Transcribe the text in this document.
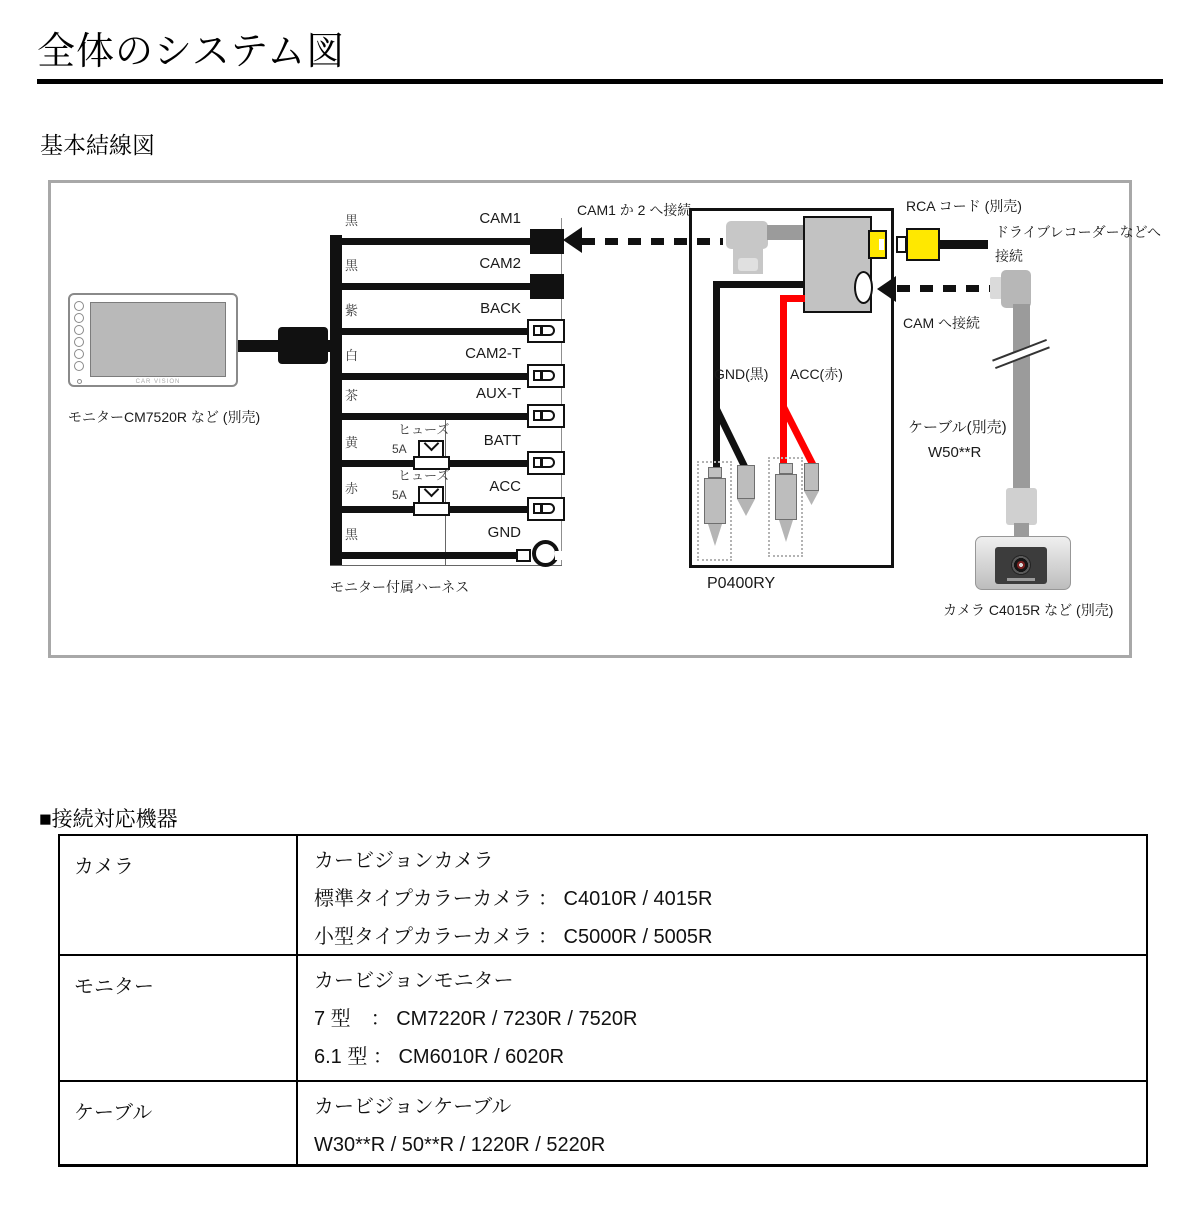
全体のシステム図
基本結線図
CAR VISION
モニターCM7520R など (別売)
黒
黒
紫
白
茶
黄
赤
黒
CAM1
CAM2
BACK
CAM2-T
AUX-T
BATT
ACC
GND
ヒューズ
5A
ヒューズ
5A
モニター付属ハーネス
CAM1 か 2 へ接続
GND(黒) ACC(赤)
P0400RY
RCA コード (別売)
ドライブレコーダーなどへ
接続
CAM へ接続
ケーブル(別売)
W50**R
カメラ C4015R など (別売)
■接続対応機器
カメラ	カービジョンカメラ
標準タイプカラーカメラ ： C4010R / 4015R
小型タイプカラーカメラ ： C5000R / 5005R
モニター	カービジョンモニター
7 型　： CM7220R / 7230R / 7520R
6.1 型 ： CM6010R / 6020R
ケーブル	カービジョンケーブル
W30**R / 50**R / 1220R / 5220R
